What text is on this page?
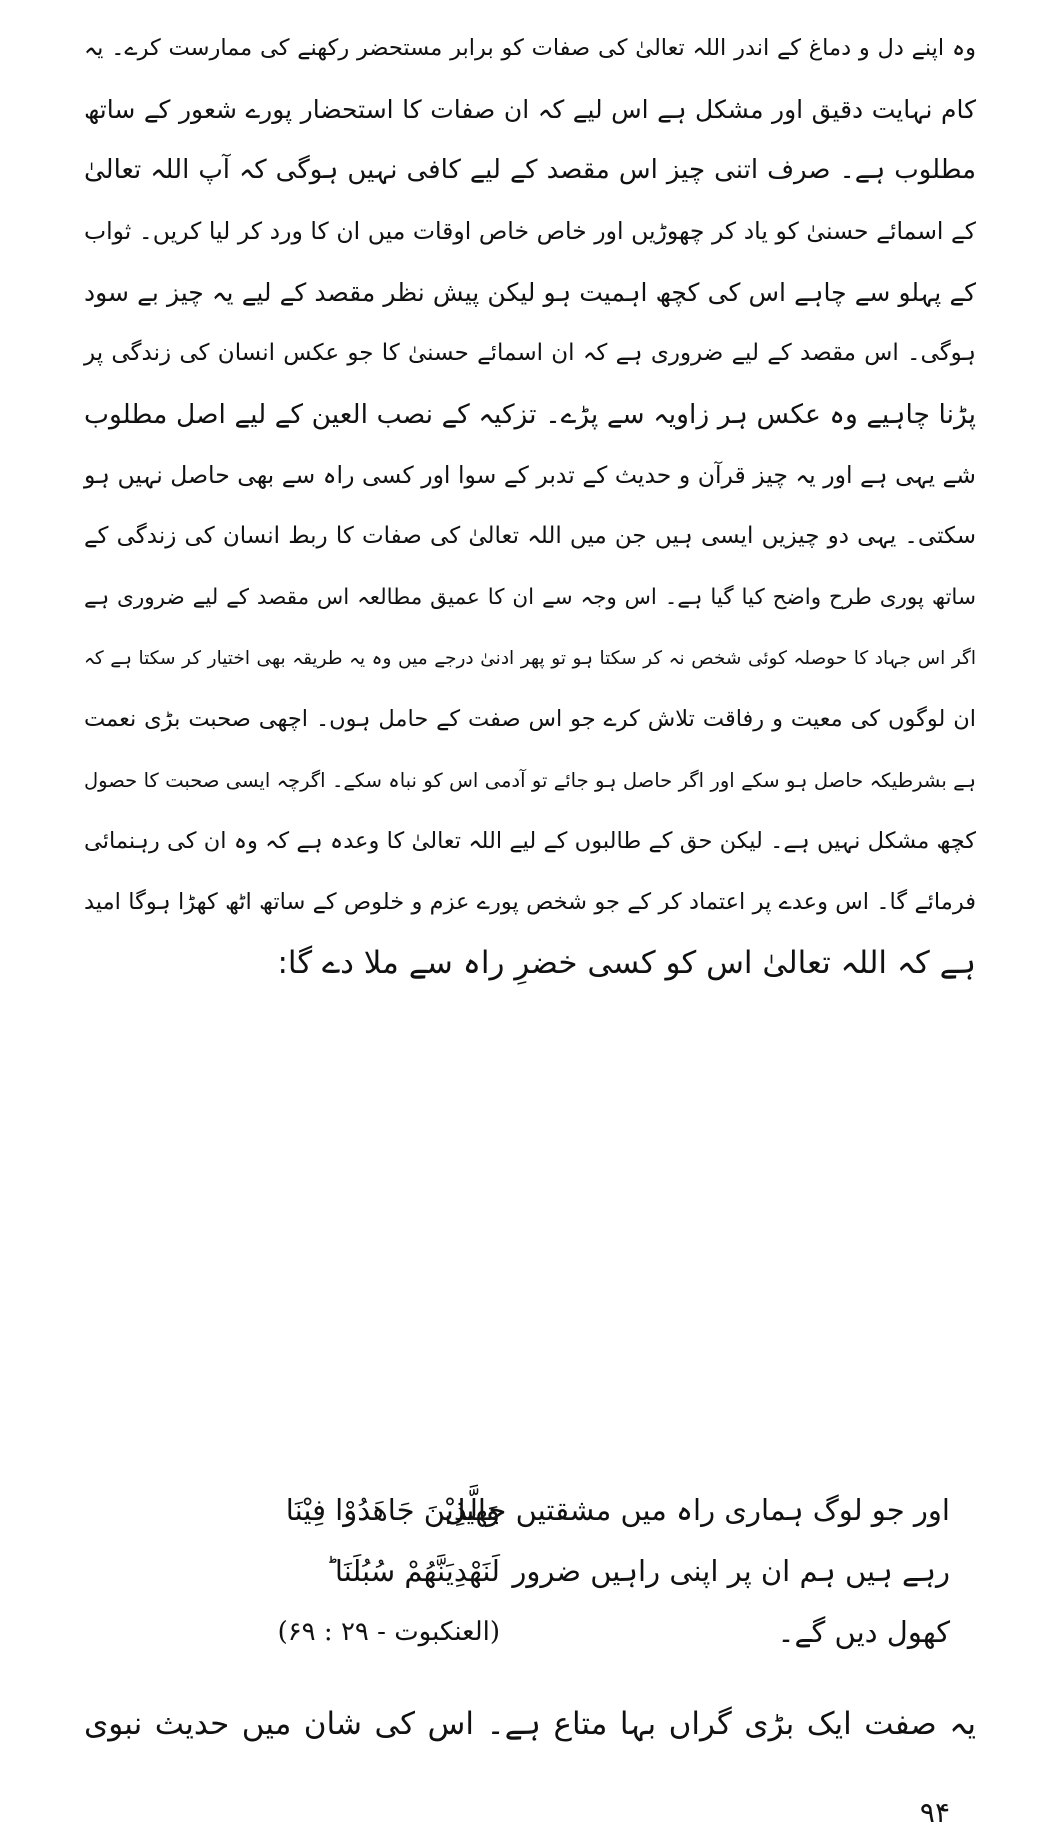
وہ اپنے دل و دماغ کے اندر اللہ تعالیٰ کی صفات کو برابر مستحضر رکھنے کی ممارست کرے۔ یہ
کام نہایت دقیق اور مشکل ہے اس لیے کہ ان صفات کا استحضار پورے شعور کے ساتھ
مطلوب ہے۔ صرف اتنی چیز اس مقصد کے لیے کافی نہیں ہوگی کہ آپ اللہ تعالیٰ
کے اسمائے حسنیٰ کو یاد کر چھوڑیں اور خاص خاص اوقات میں ان کا ورد کر لیا کریں۔ ثواب
کے پہلو سے چاہے اس کی کچھ اہمیت ہو لیکن پیش نظر مقصد کے لیے یہ چیز بے سود
ہوگی۔ اس مقصد کے لیے ضروری ہے کہ ان اسمائے حسنیٰ کا جو عکس انسان کی زندگی پر
پڑنا چاہیے وہ عکس ہر زاویہ سے پڑے۔ تزکیہ کے نصب العین کے لیے اصل مطلوب
شے یہی ہے اور یہ چیز قرآن و حدیث کے تدبر کے سوا اور کسی راہ سے بھی حاصل نہیں ہو
سکتی۔ یہی دو چیزیں ایسی ہیں جن میں اللہ تعالیٰ کی صفات کا ربط انسان کی زندگی کے
ساتھ پوری طرح واضح کیا گیا ہے۔ اس وجہ سے ان کا عمیق مطالعہ اس مقصد کے لیے ضروری ہے
اگر اس جہاد کا حوصلہ کوئی شخص نہ کر سکتا ہو تو پھر ادنیٰ درجے میں وہ یہ طریقہ بھی اختیار کر سکتا ہے کہ
ان لوگوں کی معیت و رفاقت تلاش کرے جو اس صفت کے حامل ہوں۔ اچھی صحبت بڑی نعمت
ہے بشرطیکہ حاصل ہو سکے اور اگر حاصل ہو جائے تو آدمی اس کو نباہ سکے۔ اگرچہ ایسی صحبت کا حصول
کچھ مشکل نہیں ہے۔ لیکن حق کے طالبوں کے لیے اللہ تعالیٰ کا وعدہ ہے کہ وہ ان کی رہنمائی
فرمائے گا۔ اس وعدے پر اعتماد کر کے جو شخص پورے عزم و خلوص کے ساتھ اٹھ کھڑا ہوگا امید
ہے کہ اللہ تعالیٰ اس کو کسی خضرِ راہ سے ملا دے گا:
وَالَّذِيْنَ جَاهَدُوْا فِيْنَا
لَنَهْدِيَنَّهُمْ سُبُلَنَا ؕ
(العنکبوت - ۲۹ : ۶۹)
اور جو لوگ ہماری راہ میں مشقتیں جھیل
رہے ہیں ہم ان پر اپنی راہیں ضرور
کھول دیں گے۔
یہ صفت ایک بڑی گراں بہا متاع ہے۔ اس کی شان میں حدیث نبوی
۹۴
